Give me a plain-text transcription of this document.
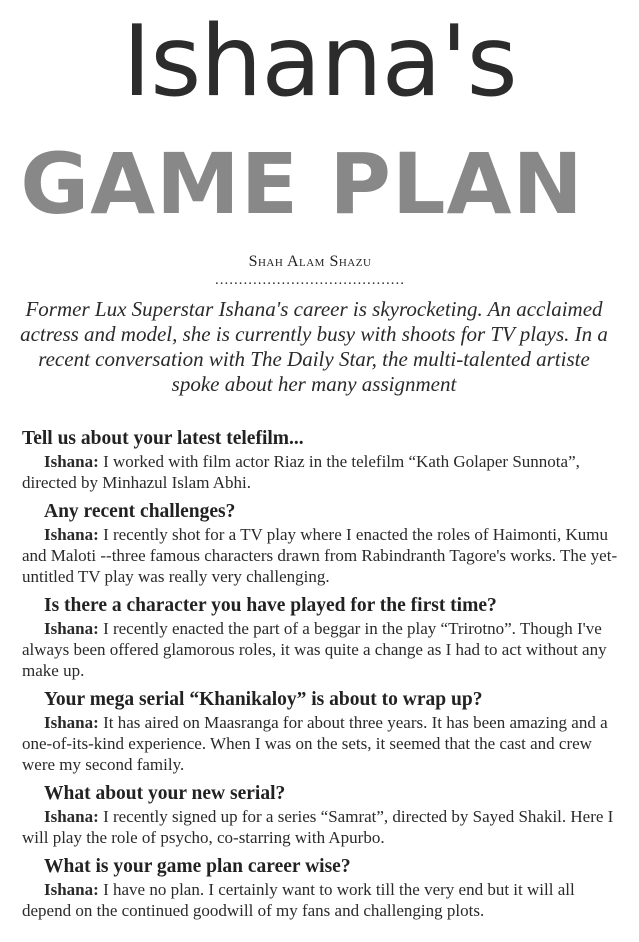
Ishana's
GAME PLAN
Shah Alam Shazu
........................................
Former Lux Superstar Ishana's career is skyrocketing. An acclaimed actress and model, she is currently busy with shoots for TV plays. In a recent conversation with The Daily Star, the multi-talented artiste spoke about her many assignment

Tell us about your latest telefilm...

Ishana: I worked with film actor Riaz in the telefilm “Kath Golaper Sunnota”, directed by Minhazul Islam Abhi.

Any recent challenges?

Ishana: I recently shot for a TV play where I enacted the roles of Haimonti, Kumu and Maloti --three famous characters drawn from Rabindranth Tagore's works. The yet-untitled TV play was really very challenging.

Is there a character you have played for the first time?

Ishana: I recently enacted the part of a beggar in the play “Trirotno”. Though I've always been offered glamorous roles, it was quite a change as I had to act without any make up.

Your mega serial “Khanikaloy” is about to wrap up?

Ishana: It has aired on Maasranga for about three years. It has been amazing and a one-of-its-kind experience. When I was on the sets, it seemed that the cast and crew were my second family.

What about your new serial?

Ishana: I recently signed up for a series “Samrat”, directed by Sayed Shakil. Here I will play the role of psycho, co-starring with Apurbo.

What is your game plan career wise?

Ishana: I have no plan. I certainly want to work till the very end but it will all depend on the continued goodwill of my fans and challenging plots.
